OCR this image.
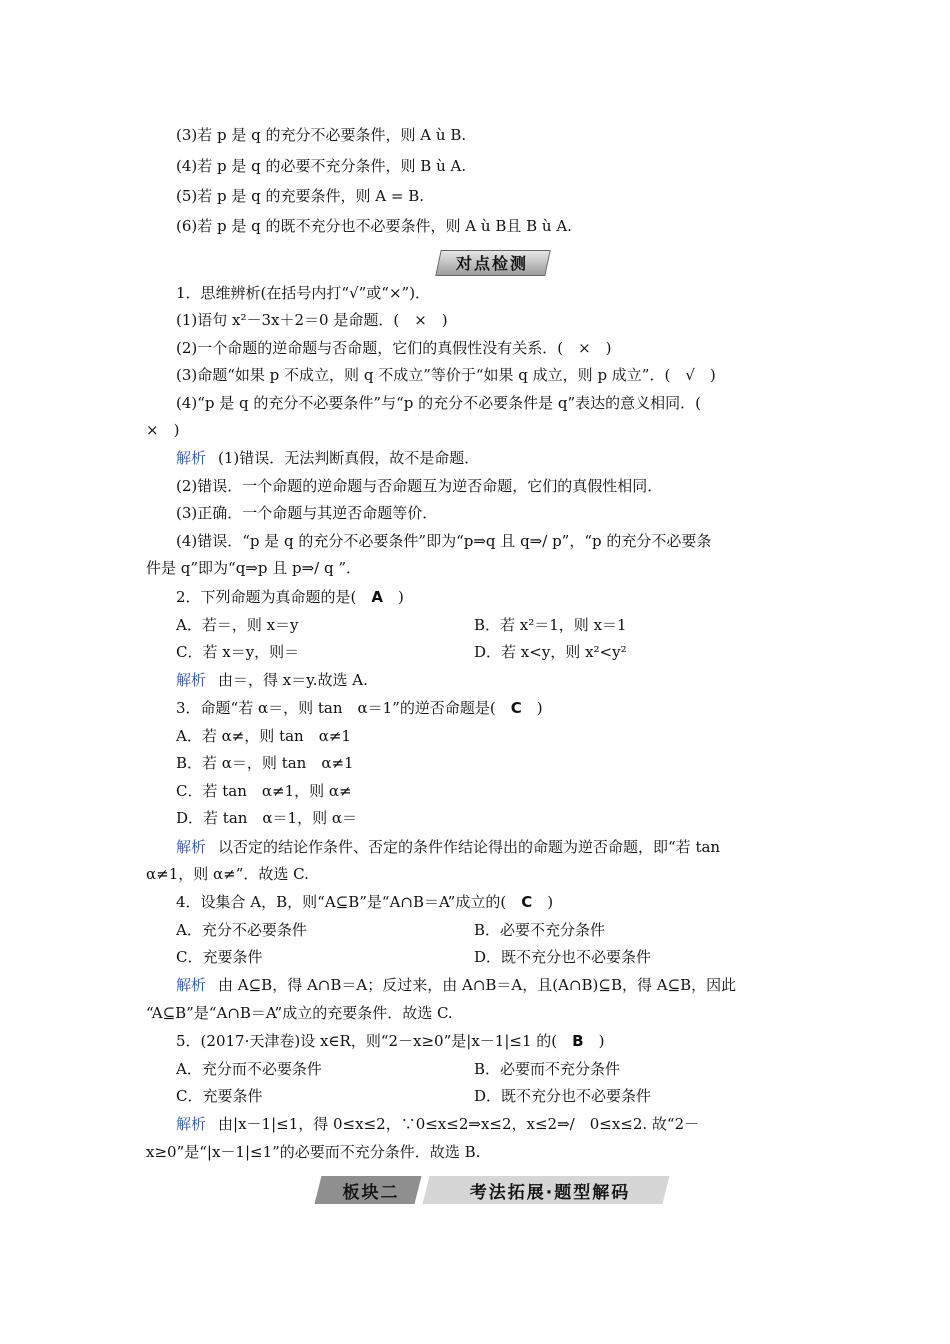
(3)若 p 是 q 的充分不必要条件，则 A ù B.
(4)若 p 是 q 的必要不充分条件，则 B ù A.
(5)若 p 是 q 的充要条件，则 A = B.
(6)若 p 是 q 的既不充分也不必要条件，则 A ù B且 B ù A.
对点检测
1．思维辨析(在括号内打“√”或“×”)．
(1)语句 x²－3x＋2＝0 是命题．(　×　)
(2)一个命题的逆命题与否命题，它们的真假性没有关系．(　×　)
(3)命题“如果 p 不成立，则 q 不成立”等价于“如果 q 成立，则 p 成立”．(　√　)
(4)“p 是 q 的充分不必要条件”与“p 的充分不必要条件是 q”表达的意义相同．(
×　)
解析 (1)错误．无法判断真假，故不是命题．
(2)错误．一个命题的逆命题与否命题互为逆否命题，它们的真假性相同．
(3)正确．一个命题与其逆否命题等价．
(4)错误．“p 是 q 的充分不必要条件”即为“p⇒q 且 q⇒/ p”，“p 的充分不必要条
件是 q”即为“q⇒p 且 p⇒/ q ”．
2．下列命题为真命题的是(　 A　 )
A．若＝，则 x＝y	B．若 x²＝1，则 x＝1
C．若 x＝y，则＝	D．若 x<y，则 x²<y²
解析 由＝，得 x＝y.故选 A.
3．命题“若 α＝，则 tan　α＝1”的逆否命题是(　 C　 )
A．若 α≠，则 tan　α≠1
B．若 α＝，则 tan　α≠1
C．若 tan　α≠1，则 α≠
D．若 tan　α＝1，则 α＝
解析 以否定的结论作条件、否定的条件作结论得出的命题为逆否命题，即“若 tan
α≠1，则 α≠”．故选 C.
4．设集合 A，B，则“A⊆B”是“A∩B＝A”成立的(　 C　 )
A．充分不必要条件	B．必要不充分条件
C．充要条件	D．既不充分也不必要条件
解析 由 A⊆B，得 A∩B＝A；反过来，由 A∩B＝A，且(A∩B)⊆B，得 A⊆B，因此
“A⊆B”是“A∩B＝A”成立的充要条件．故选 C.
5．(2017·天津卷)设 x∈R，则“2－x≥0”是|x－1|≤1 的(　 B　 )
A．充分而不必要条件	B．必要而不充分条件
C．充要条件	D．既不充分也不必要条件
解析 由|x－1|≤1，得 0≤x≤2，∵0≤x≤2⇒x≤2，x≤2⇒/　0≤x≤2. 故“2－
x≥0”是“|x－1|≤1”的必要而不充分条件．故选 B.
板块二	考法拓展·题型解码
